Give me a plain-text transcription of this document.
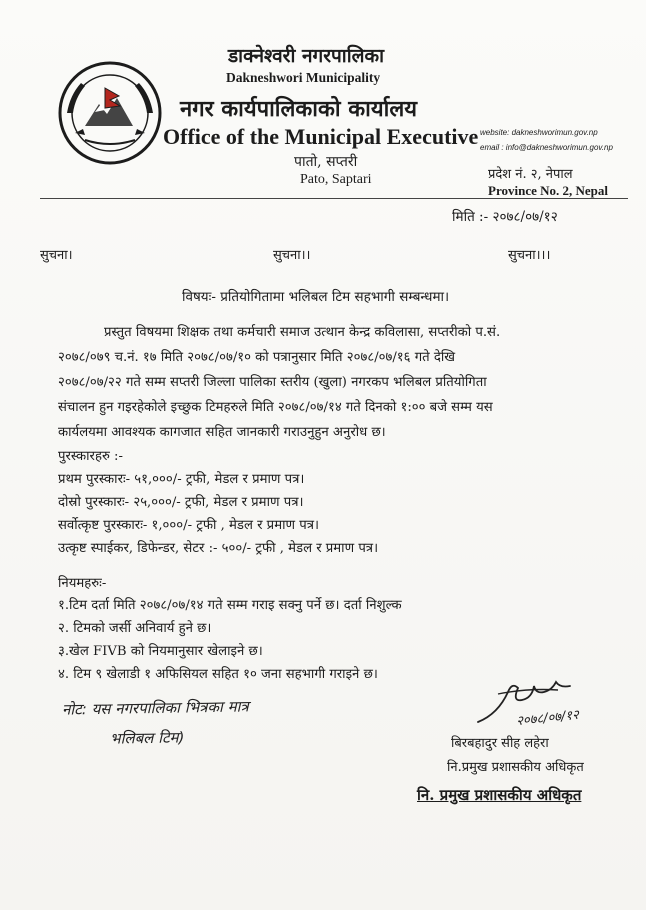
डाक्नेश्वरी नगरपालिका
Dakneshwori Municipality
नगर कार्यपालिकाको कार्यालय
Office of the Municipal Executive
पातो, सप्तरी
Pato, Saptari
website: dakneshworimun.gov.np
email : info@dakneshworimun.gov.np
प्रदेश नं. २, नेपाल
Province No. 2, Nepal
मिति :- २०७८/०७/१२
सुचना।	सुचना।।	सुचना।।।
विषयः- प्रतियोगितामा भलिबल टिम सहभागी सम्बन्धमा।
प्रस्तुत विषयमा शिक्षक तथा कर्मचारी समाज उत्थान केन्द्र कविलासा, सप्तरीको प.सं.
२०७८/०७९ च.नं. १७ मिति २०७८/०७/१० को पत्रानुसार मिति २०७८/०७/१६ गते देखि
२०७८/०७/२२ गते सम्म सप्तरी जिल्ला पालिका स्तरीय (खुला) नगरकप भलिबल प्रतियोगिता
संचालन हुन गइरहेकोले इच्छुक टिमहरुले मिति २०७८/०७/१४ गते दिनको १:०० बजे सम्म यस
कार्यलयमा आवश्यक कागजात सहित जानकारी गराउनुहुन अनुरोध छ।
पुरस्कारहरु :-
प्रथम पुरस्कारः- ५१,०००/- ट्रफी, मेडल र प्रमाण पत्र।
दोस्रो पुरस्कारः- २५,०००/- ट्रफी, मेडल र प्रमाण पत्र।
सर्वोत्कृष्ट पुरस्कारः- १,०००/- ट्रफी , मेडल र प्रमाण पत्र।
उत्कृष्ट स्पाईकर, डिफेन्डर, सेटर :- ५००/- ट्रफी , मेडल र प्रमाण पत्र।
नियमहरुः-
१.टिम दर्ता मिति २०७८/०७/१४ गते सम्म गराइ सक्नु पर्ने छ। दर्ता निशुल्क
२. टिमको जर्सी अनिवार्य हुने छ।
३.खेल FIVB को नियमानुसार खेलाइने छ।
४. टिम ९ खेलाडी १ अफिसियल सहित १० जना सहभागी गराइने छ।
नोट: यस नगरपालिका भित्रका मात्र
भलिबल टिम)
२०७८/०७/१२
बिरबहादुर सीह लहेरा
नि.प्रमुख प्रशासकीय अधिकृत
नि. प्रमुख प्रशासकीय अधिकृत
